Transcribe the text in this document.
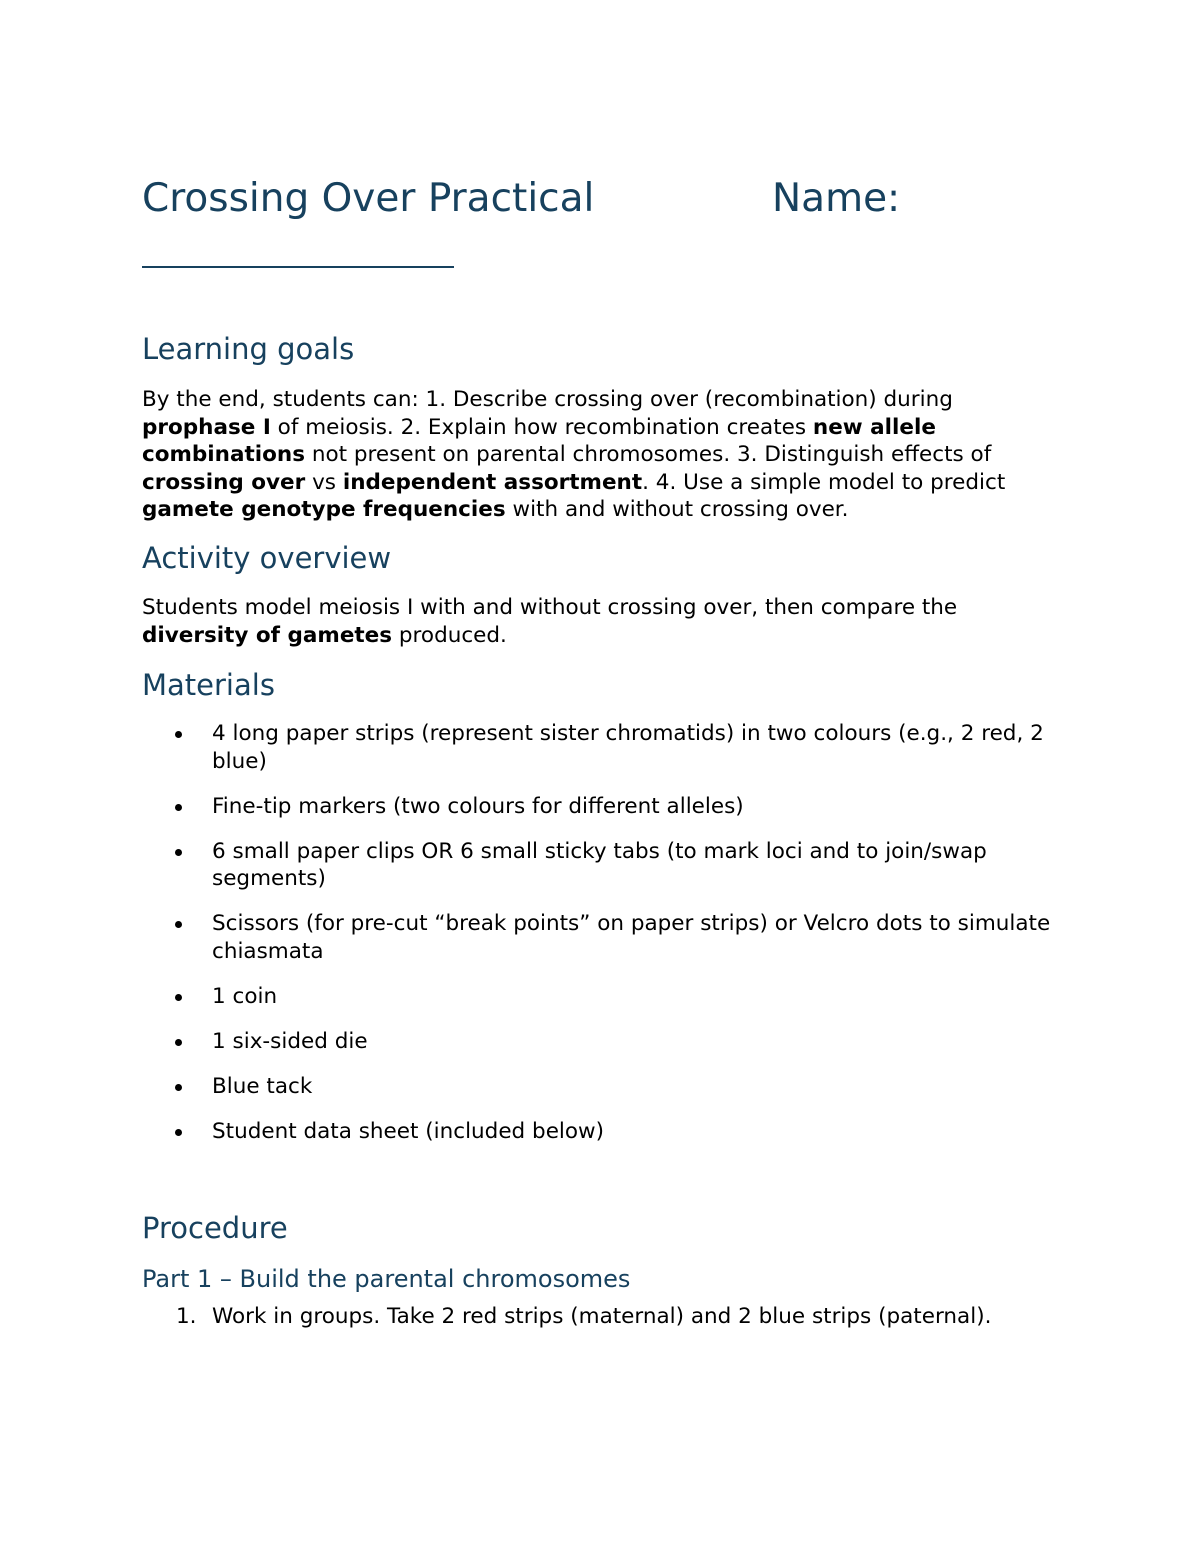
Crossing Over Practical	Name:
Learning goals

By the end, students can: 1. Describe crossing over (recombination) during prophase I of meiosis. 2. Explain how recombination creates new allele combinations not present on parental chromosomes. 3. Distinguish effects of crossing over vs independent assortment. 4. Use a simple model to predict gamete genotype frequencies with and without crossing over.

Activity overview

Students model meiosis I with and without crossing over, then compare the diversity of gametes produced.

Materials
4 long paper strips (represent sister chromatids) in two colours (e.g., 2 red, 2 blue)
Fine-tip markers (two colours for different alleles)
6 small paper clips OR 6 small sticky tabs (to mark loci and to join/swap segments)
Scissors (for pre-cut “break points” on paper strips) or Velcro dots to simulate chiasmata
1 coin
1 six-sided die
Blue tack
Student data sheet (included below)
Procedure
Part 1 – Build the parental chromosomes
1. Work in groups. Take 2 red strips (maternal) and 2 blue strips (paternal).
